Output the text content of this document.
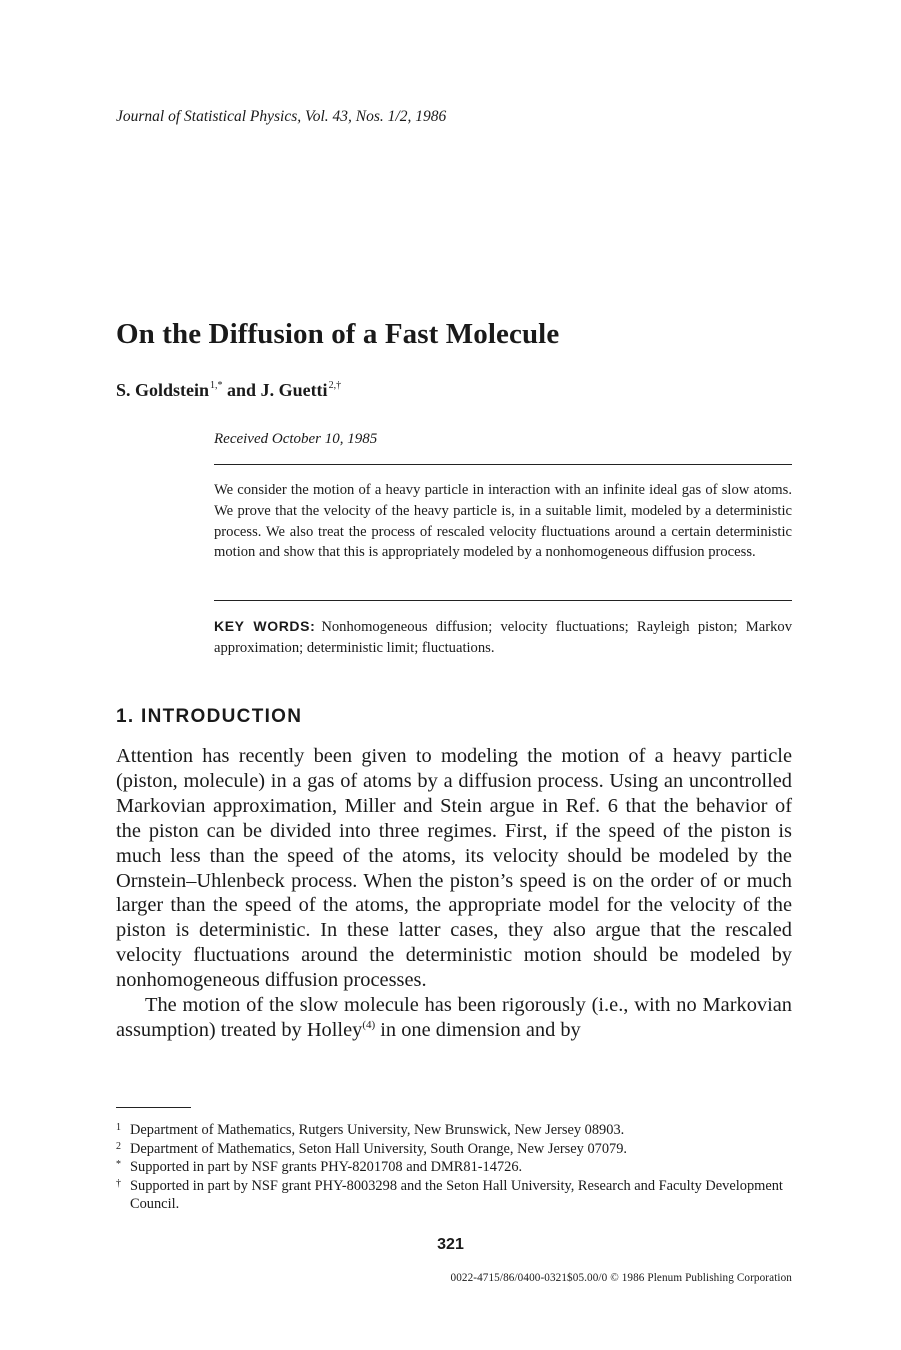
Journal of Statistical Physics, Vol. 43, Nos. 1/2, 1986
On the Diffusion of a Fast Molecule
S. Goldstein$^{1,*}$ and J. Guetti$^{2,\dagger}$
Received October 10, 1985
We consider the motion of a heavy particle in interaction with an infinite ideal gas of slow atoms. We prove that the velocity of the heavy particle is, in a suitable limit, modeled by a deterministic process. We also treat the process of rescaled velocity fluctuations around a certain deterministic motion and show that this is appropriately modeled by a nonhomogeneous diffusion process.
KEY WORDS: Nonhomogeneous diffusion; velocity fluctuations; Rayleigh piston; Markov approximation; deterministic limit; fluctuations.
1. INTRODUCTION

Attention has recently been given to modeling the motion of a heavy particle (piston, molecule) in a gas of atoms by a diffusion process. Using an uncontrolled Markovian approximation, Miller and Stein argue in Ref. 6 that the behavior of the piston can be divided into three regimes. First, if the speed of the piston is much less than the speed of the atoms, its velocity should be modeled by the Ornstein–Uhlenbeck process. When the piston’s speed is on the order of or much larger than the speed of the atoms, the appropriate model for the velocity of the piston is deterministic. In these latter cases, they also argue that the rescaled velocity fluctuations around the deterministic motion should be modeled by nonhomogeneous diffusion processes.

The motion of the slow molecule has been rigorously (i.e., with no Markovian assumption) treated by Holley$^{(4)}$ in one dimension and by

1 Department of Mathematics, Rutgers University, New Brunswick, New Jersey 08903.
2 Department of Mathematics, Seton Hall University, South Orange, New Jersey 07079.
* Supported in part by NSF grants PHY-8201708 and DMR81-14726.
† Supported in part by NSF grant PHY-8003298 and the Seton Hall University, Research and Faculty Development Council.
321
0022-4715/86/0400-0321$05.00/0 © 1986 Plenum Publishing Corporation
